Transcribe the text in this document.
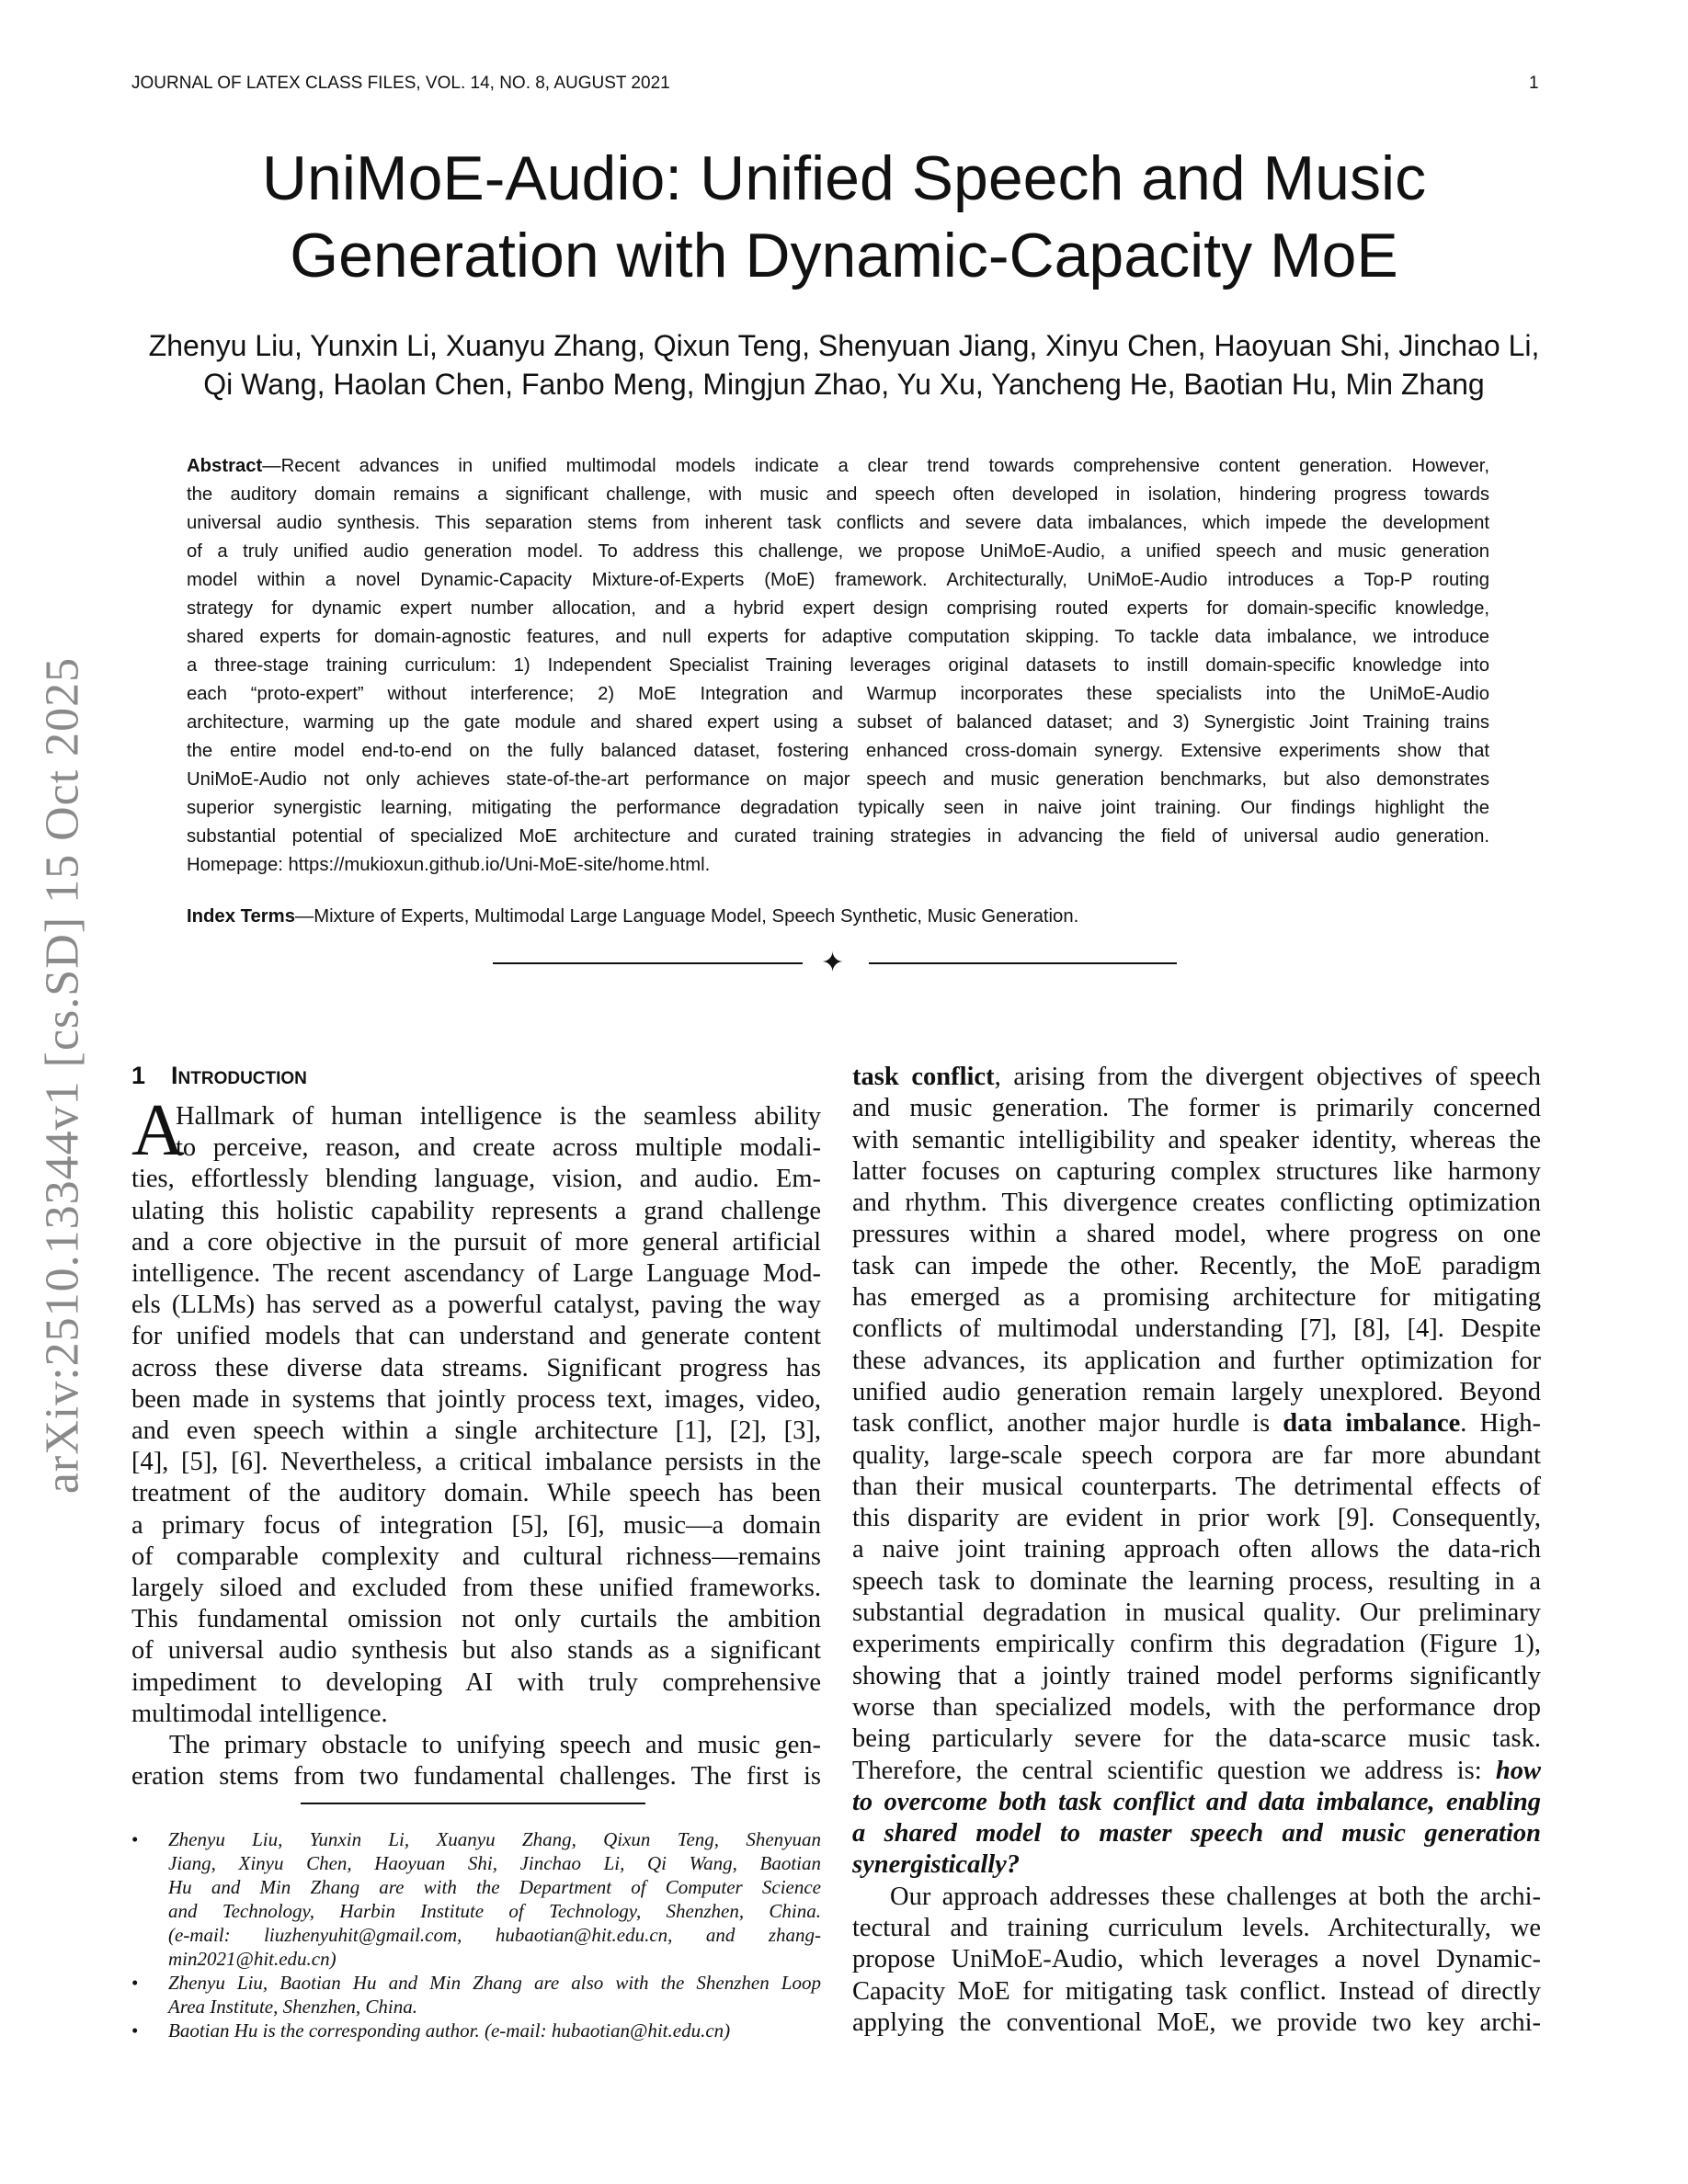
JOURNAL OF LATEX CLASS FILES, VOL. 14, NO. 8, AUGUST 2021	1
UniMoE-Audio: Unified Speech and Music
Generation with Dynamic-Capacity MoE
Zhenyu Liu, Yunxin Li, Xuanyu Zhang, Qixun Teng, Shenyuan Jiang, Xinyu Chen, Haoyuan Shi, Jinchao Li,
Qi Wang, Haolan Chen, Fanbo Meng, Mingjun Zhao, Yu Xu, Yancheng He, Baotian Hu, Min Zhang
arXiv:2510.13344v1 [cs.SD] 15 Oct 2025
Abstract—Recent advances in unified multimodal models indicate a clear trend towards comprehensive content generation. However,
the auditory domain remains a significant challenge, with music and speech often developed in isolation, hindering progress towards
universal audio synthesis. This separation stems from inherent task conflicts and severe data imbalances, which impede the development
of a truly unified audio generation model. To address this challenge, we propose UniMoE-Audio, a unified speech and music generation
model within a novel Dynamic-Capacity Mixture-of-Experts (MoE) framework. Architecturally, UniMoE-Audio introduces a Top-P routing
strategy for dynamic expert number allocation, and a hybrid expert design comprising routed experts for domain-specific knowledge,
shared experts for domain-agnostic features, and null experts for adaptive computation skipping. To tackle data imbalance, we introduce
a three-stage training curriculum: 1) Independent Specialist Training leverages original datasets to instill domain-specific knowledge into
each “proto-expert” without interference; 2) MoE Integration and Warmup incorporates these specialists into the UniMoE-Audio
architecture, warming up the gate module and shared expert using a subset of balanced dataset; and 3) Synergistic Joint Training trains
the entire model end-to-end on the fully balanced dataset, fostering enhanced cross-domain synergy. Extensive experiments show that
UniMoE-Audio not only achieves state-of-the-art performance on major speech and music generation benchmarks, but also demonstrates
superior synergistic learning, mitigating the performance degradation typically seen in naive joint training. Our findings highlight the
substantial potential of specialized MoE architecture and curated training strategies in advancing the field of universal audio generation.
Homepage: https://mukioxun.github.io/Uni-MoE-site/home.html.
Index Terms—Mixture of Experts, Multimodal Large Language Model, Speech Synthetic, Music Generation.
✦
1 Introduction
A
Hallmark of human intelligence is the seamless ability
to perceive, reason, and create across multiple modali-
ties, effortlessly blending language, vision, and audio. Em-
ulating this holistic capability represents a grand challenge
and a core objective in the pursuit of more general artificial
intelligence. The recent ascendancy of Large Language Mod-
els (LLMs) has served as a powerful catalyst, paving the way
for unified models that can understand and generate content
across these diverse data streams. Significant progress has
been made in systems that jointly process text, images, video,
and even speech within a single architecture [1], [2], [3],
[4], [5], [6]. Nevertheless, a critical imbalance persists in the
treatment of the auditory domain. While speech has been
a primary focus of integration [5], [6], music—a domain
of comparable complexity and cultural richness—remains
largely siloed and excluded from these unified frameworks.
This fundamental omission not only curtails the ambition
of universal audio synthesis but also stands as a significant
impediment to developing AI with truly comprehensive
multimodal intelligence.
The primary obstacle to unifying speech and music gen-
eration stems from two fundamental challenges. The first is
task conflict, arising from the divergent objectives of speech
and music generation. The former is primarily concerned
with semantic intelligibility and speaker identity, whereas the
latter focuses on capturing complex structures like harmony
and rhythm. This divergence creates conflicting optimization
pressures within a shared model, where progress on one
task can impede the other. Recently, the MoE paradigm
has emerged as a promising architecture for mitigating
conflicts of multimodal understanding [7], [8], [4]. Despite
these advances, its application and further optimization for
unified audio generation remain largely unexplored. Beyond
task conflict, another major hurdle is data imbalance. High-
quality, large-scale speech corpora are far more abundant
than their musical counterparts. The detrimental effects of
this disparity are evident in prior work [9]. Consequently,
a naive joint training approach often allows the data-rich
speech task to dominate the learning process, resulting in a
substantial degradation in musical quality. Our preliminary
experiments empirically confirm this degradation (Figure 1),
showing that a jointly trained model performs significantly
worse than specialized models, with the performance drop
being particularly severe for the data-scarce music task.
Therefore, the central scientific question we address is: how
to overcome both task conflict and data imbalance, enabling
a shared model to master speech and music generation
synergistically?
Our approach addresses these challenges at both the archi-
tectural and training curriculum levels. Architecturally, we
propose UniMoE-Audio, which leverages a novel Dynamic-
Capacity MoE for mitigating task conflict. Instead of directly
applying the conventional MoE, we provide two key archi-
• Zhenyu Liu, Yunxin Li, Xuanyu Zhang, Qixun Teng, Shenyuan
Jiang, Xinyu Chen, Haoyuan Shi, Jinchao Li, Qi Wang, Baotian
Hu and Min Zhang are with the Department of Computer Science
and Technology, Harbin Institute of Technology, Shenzhen, China.
(e-mail: liuzhenyuhit@gmail.com, hubaotian@hit.edu.cn, and zhang-
min2021@hit.edu.cn)
• Zhenyu Liu, Baotian Hu and Min Zhang are also with the Shenzhen Loop
Area Institute, Shenzhen, China.
• Baotian Hu is the corresponding author. (e-mail: hubaotian@hit.edu.cn)
